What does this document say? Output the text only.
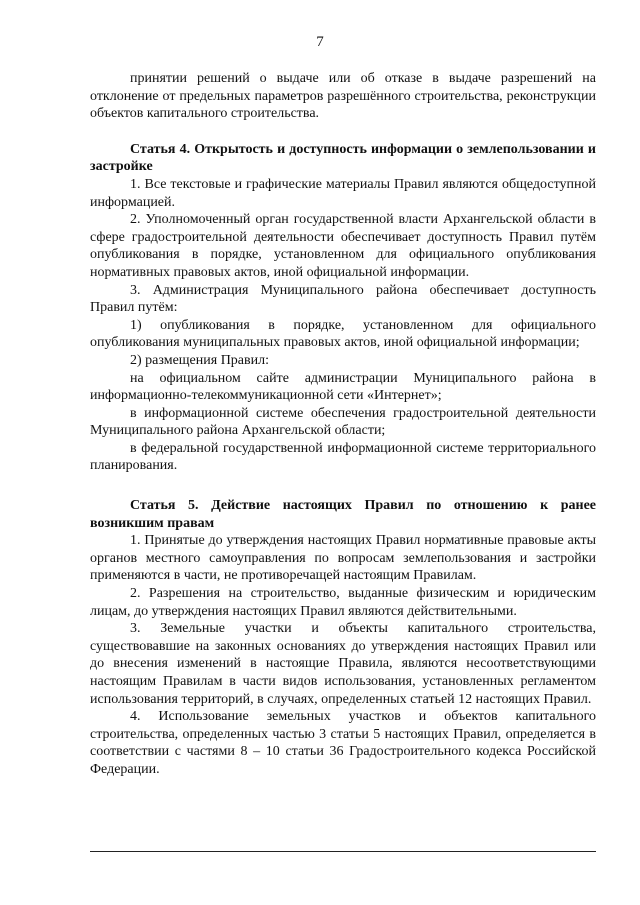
7

принятии решений о выдаче или об отказе в выдаче разрешений на отклонение от предельных параметров разрешённого строительства, реконструкции объектов капитального строительства.

Статья 4. Открытость и доступность информации о землепользовании и застройке

1. Все текстовые и графические материалы Правил являются общедоступной информацией.

2. Уполномоченный орган государственной власти Архангельской области в сфере градостроительной деятельности обеспечивает доступность Правил путём опубликования в порядке, установленном для официального опубликования нормативных правовых актов, иной официальной информации.

3. Администрация Муниципального района обеспечивает доступность Правил путём:

1) опубликования в порядке, установленном для официального опубликования муниципальных правовых актов, иной официальной информации;

2) размещения Правил:

на официальном сайте администрации Муниципального района в информационно-телекоммуникационной сети «Интернет»;

в информационной системе обеспечения градостроительной деятельности Муниципального района Архангельской области;

в федеральной государственной информационной системе территориального планирования.

Статья 5. Действие настоящих Правил по отношению к ранее возникшим правам

1. Принятые до утверждения настоящих Правил нормативные правовые акты органов местного самоуправления по вопросам землепользования и застройки применяются в части, не противоречащей настоящим Правилам.

2. Разрешения на строительство, выданные физическим и юридическим лицам, до утверждения настоящих Правил являются действительными.

3. Земельные участки и объекты капитального строительства, существовавшие на законных основаниях до утверждения настоящих Правил или до внесения изменений в настоящие Правила, являются несоответствующими настоящим Правилам в части видов использования, установленных регламентом использования территорий, в случаях, определенных статьей 12 настоящих Правил.

4. Использование земельных участков и объектов капитального строительства, определенных частью 3 статьи 5 настоящих Правил, определяется в соответствии с частями 8 – 10 статьи 36 Градостроительного кодекса Российской Федерации.
